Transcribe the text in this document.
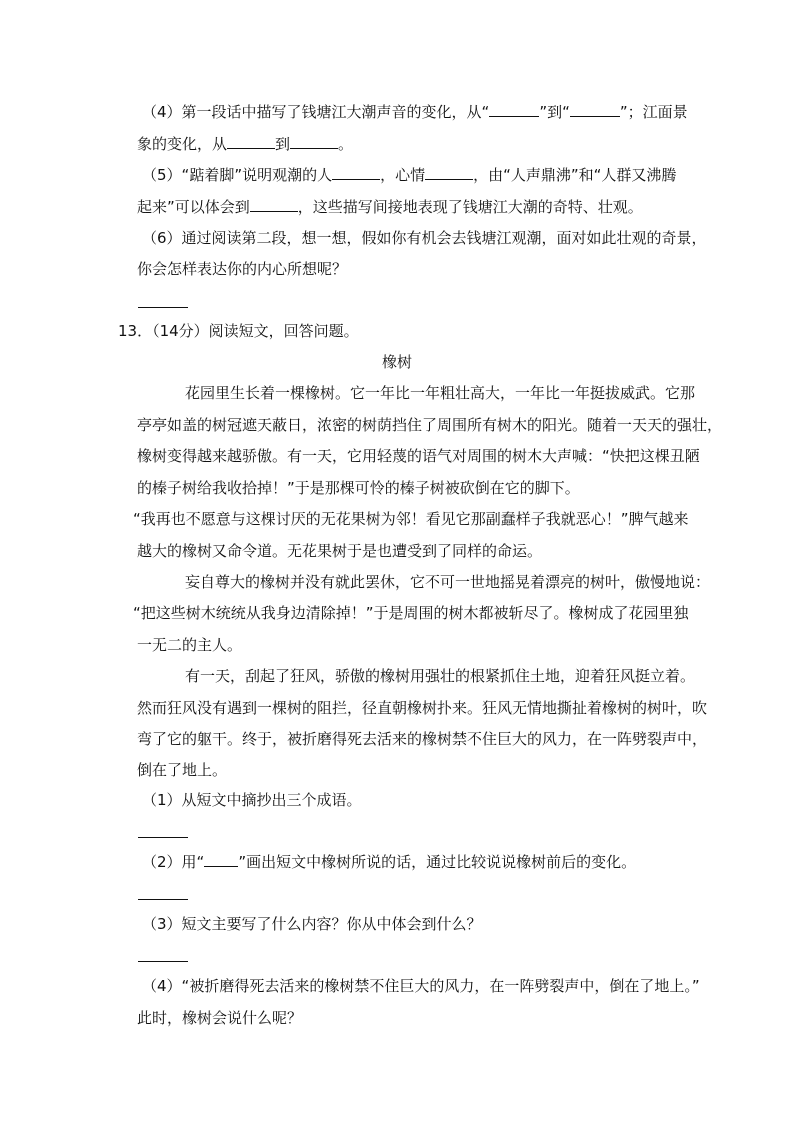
（4）第一段话中描写了钱塘江大潮声音的变化，从“	”到“	”；江面景
象的变化，从	到	。
（5）“踮着脚”说明观潮的人	，心情	，由“人声鼎沸”和“人群又沸腾
起来”可以体会到	，这些描写间接地表现了钱塘江大潮的奇特、壮观。
（6）通过阅读第二段，想一想，假如你有机会去钱塘江观潮，面对如此壮观的奇景，
你会怎样表达你的内心所想呢？
13．（14分）阅读短文，回答问题。
橡树
花园里生长着一棵橡树。它一年比一年粗壮高大，一年比一年挺拔威武。它那
亭亭如盖的树冠遮天蔽日，浓密的树荫挡住了周围所有树木的阳光。随着一天天的强壮，
橡树变得越来越骄傲。有一天，它用轻蔑的语气对周围的树木大声喊：“快把这棵丑陋
的榛子树给我收拾掉！”于是那棵可怜的榛子树被砍倒在它的脚下。
“我再也不愿意与这棵讨厌的无花果树为邻！看见它那副蠢样子我就恶心！”脾气越来
越大的橡树又命令道。无花果树于是也遭受到了同样的命运。
妄自尊大的橡树并没有就此罢休，它不可一世地摇晃着漂亮的树叶，傲慢地说：
“把这些树木统统从我身边清除掉！”于是周围的树木都被斩尽了。橡树成了花园里独
一无二的主人。
有一天，刮起了狂风，骄傲的橡树用强壮的根紧抓住土地，迎着狂风挺立着。
然而狂风没有遇到一棵树的阻拦，径直朝橡树扑来。狂风无情地撕扯着橡树的树叶，吹
弯了它的躯干。终于，被折磨得死去活来的橡树禁不住巨大的风力，在一阵劈裂声中，
倒在了地上。
（1）从短文中摘抄出三个成语。
（2）用“ ”画出短文中橡树所说的话，通过比较说说橡树前后的变化。
（3）短文主要写了什么内容？你从中体会到什么？
（4）“被折磨得死去活来的橡树禁不住巨大的风力，在一阵劈裂声中，倒在了地上。”
此时，橡树会说什么呢？
